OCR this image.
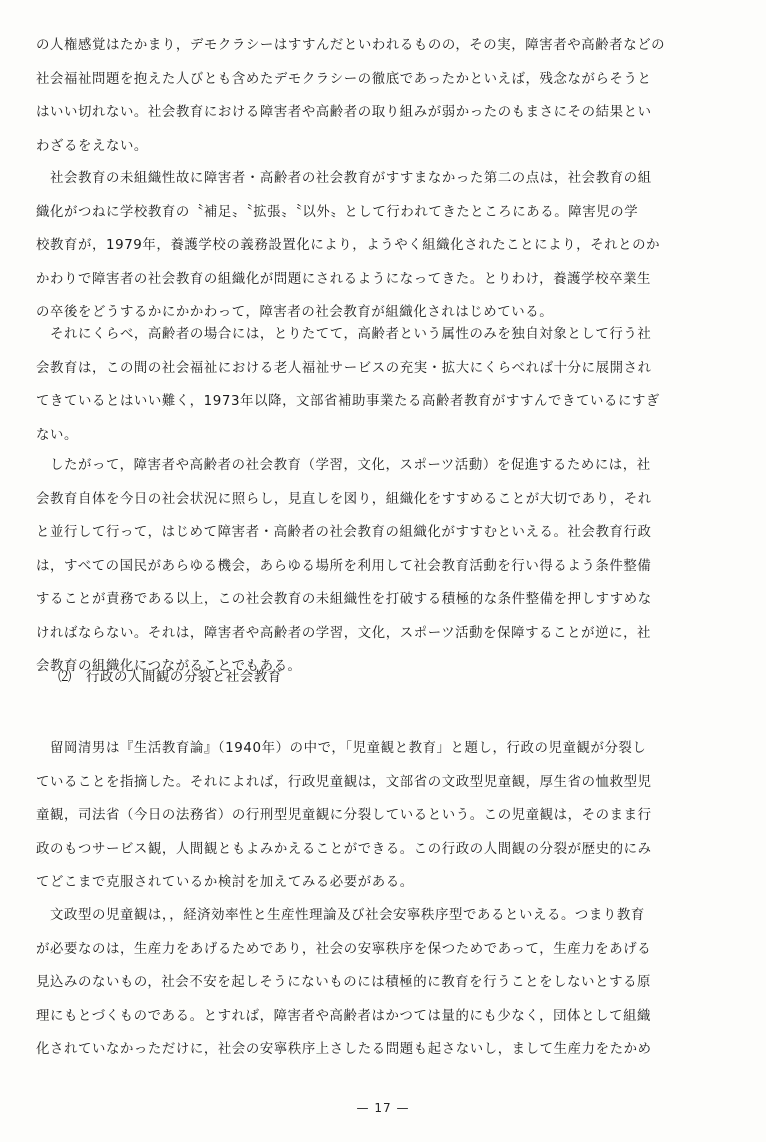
の人権感覚はたかまり，デモクラシーはすすんだといわれるものの，その実，障害者や高齢者などの
社会福祉問題を抱えた人びとも含めたデモクラシーの徹底であったかといえば，残念ながらそうと
はいい切れない。社会教育における障害者や高齢者の取り組みが弱かったのもまさにその結果とい
わざるをえない。
　社会教育の未組織性故に障害者・高齢者の社会教育がすすまなかった第二の点は，社会教育の組
織化がつねに学校教育の〝補足〟〝拡張〟〝以外〟として行われてきたところにある。障害児の学
校教育が，1979年，養護学校の義務設置化により，ようやく組織化されたことにより，それとのか
かわりで障害者の社会教育の組織化が問題にされるようになってきた。とりわけ，養護学校卒業生
の卒後をどうするかにかかわって，障害者の社会教育が組織化されはじめている。
　それにくらべ，高齢者の場合には，とりたてて，高齢者という属性のみを独自対象として行う社
会教育は，この間の社会福祉における老人福祉サービスの充実・拡大にくらべれば十分に展開され
てきているとはいい難く，1973年以降，文部省補助事業たる高齢者教育がすすんできているにすぎ
ない。
　したがって，障害者や高齢者の社会教育（学習，文化，スポーツ活動）を促進するためには，社
会教育自体を今日の社会状況に照らし，見直しを図り，組織化をすすめることが大切であり，それ
と並行して行って，はじめて障害者・高齢者の社会教育の組織化がすすむといえる。社会教育行政
は，すべての国民があらゆる機会，あらゆる場所を利用して社会教育活動を行い得るよう条件整備
することが責務である以上，この社会教育の未組織性を打破する積極的な条件整備を押しすすめな
ければならない。それは，障害者や高齢者の学習，文化，スポーツ活動を保障することが逆に，社
会教育の組織化につながることでもある。
⑵　行政の人間観の分裂と社会教育
　留岡清男は『生活教育論』（1940年）の中で，「児童観と教育」と題し，行政の児童観が分裂し
ていることを指摘した。それによれば，行政児童観は，文部省の文政型児童観，厚生省の恤救型児
童観，司法省（今日の法務省）の行刑型児童観に分裂しているという。この児童観は，そのまま行
政のもつサービス観，人間観ともよみかえることができる。この行政の人間観の分裂が歴史的にみ
てどこまで克服されているか検討を加えてみる必要がある。
　文政型の児童観は，，経済効率性と生産性理論及び社会安寧秩序型であるといえる。つまり教育
が必要なのは，生産力をあげるためであり，社会の安寧秩序を保つためであって，生産力をあげる
見込みのないもの，社会不安を起しそうにないものには積極的に教育を行うことをしないとする原
理にもとづくものである。とすれば，障害者や高齢者はかつては量的にも少なく，団体として組織
化されていなかっただけに，社会の安寧秩序上さしたる問題も起さないし，まして生産力をたかめ
— 17 —
